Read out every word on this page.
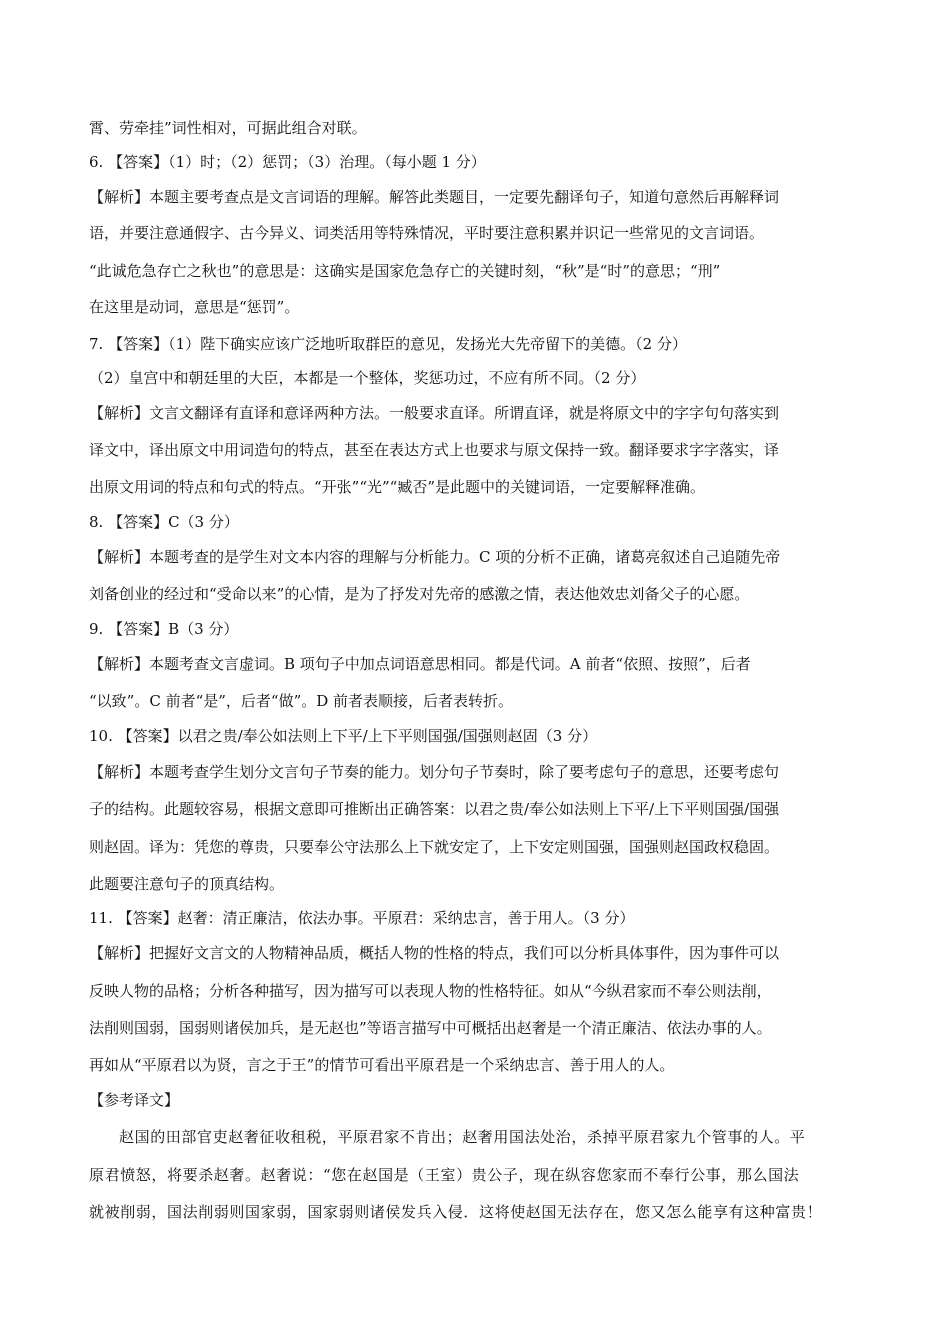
霄、劳牵挂”词性相对，可据此组合对联。
6. 【答案】（1）时；（2）惩罚；（3）治理。（每小题 1 分）
【解析】本题主要考查点是文言词语的理解。解答此类题目，一定要先翻译句子，知道句意然后再解释词
语，并要注意通假字、古今异义、词类活用等特殊情况，平时要注意积累并识记一些常见的文言词语。
“此诚危急存亡之秋也”的意思是：这确实是国家危急存亡的关键时刻，“秋”是“时”的意思；“刑”
在这里是动词，意思是“惩罚”。
7. 【答案】（1）陛下确实应该广泛地听取群臣的意见，发扬光大先帝留下的美德。（2 分）
（2）皇宫中和朝廷里的大臣，本都是一个整体，奖惩功过，不应有所不同。（2 分）
【解析】文言文翻译有直译和意译两种方法。一般要求直译。所谓直译，就是将原文中的字字句句落实到
译文中，译出原文中用词造句的特点，甚至在表达方式上也要求与原文保持一致。翻译要求字字落实，译
出原文用词的特点和句式的特点。“开张”“光”“臧否”是此题中的关键词语，一定要解释准确。
8. 【答案】C（3 分）
【解析】本题考查的是学生对文本内容的理解与分析能力。C 项的分析不正确，诸葛亮叙述自己追随先帝
刘备创业的经过和“受命以来”的心情，是为了抒发对先帝的感激之情，表达他效忠刘备父子的心愿。
9. 【答案】B（3 分）
【解析】本题考查文言虚词。B 项句子中加点词语意思相同。都是代词。A 前者“依照、按照”，后者
“以致”。C 前者“是”，后者“做”。D 前者表顺接，后者表转折。
10. 【答案】以君之贵/奉公如法则上下平/上下平则国强/国强则赵固（3 分）
【解析】本题考查学生划分文言句子节奏的能力。划分句子节奏时，除了要考虑句子的意思，还要考虑句
子的结构。此题较容易，根据文意即可推断出正确答案：以君之贵/奉公如法则上下平/上下平则国强/国强
则赵固。译为：凭您的尊贵，只要奉公守法那么上下就安定了，上下安定则国强，国强则赵国政权稳固。
此题要注意句子的顶真结构。
11. 【答案】赵奢：清正廉洁，依法办事。平原君：采纳忠言，善于用人。（3 分）
【解析】把握好文言文的人物精神品质，概括人物的性格的特点，我们可以分析具体事件，因为事件可以
反映人物的品格；分析各种描写，因为描写可以表现人物的性格特征。如从“今纵君家而不奉公则法削，
法削则国弱，国弱则诸侯加兵，是无赵也”等语言描写中可概括出赵奢是一个清正廉洁、依法办事的人。
再如从“平原君以为贤，言之于王”的情节可看出平原君是一个采纳忠言、善于用人的人。
【参考译文】
赵国的田部官吏赵奢征收租税，平原君家不肯出；赵奢用国法处治，杀掉平原君家九个管事的人。平
原君愤怒，将要杀赵奢。赵奢说：“您在赵国是（王室）贵公子，现在纵容您家而不奉行公事，那么国法
就被削弱，国法削弱则国家弱，国家弱则诸侯发兵入侵．这将使赵国无法存在，您又怎么能享有这种富贵！
